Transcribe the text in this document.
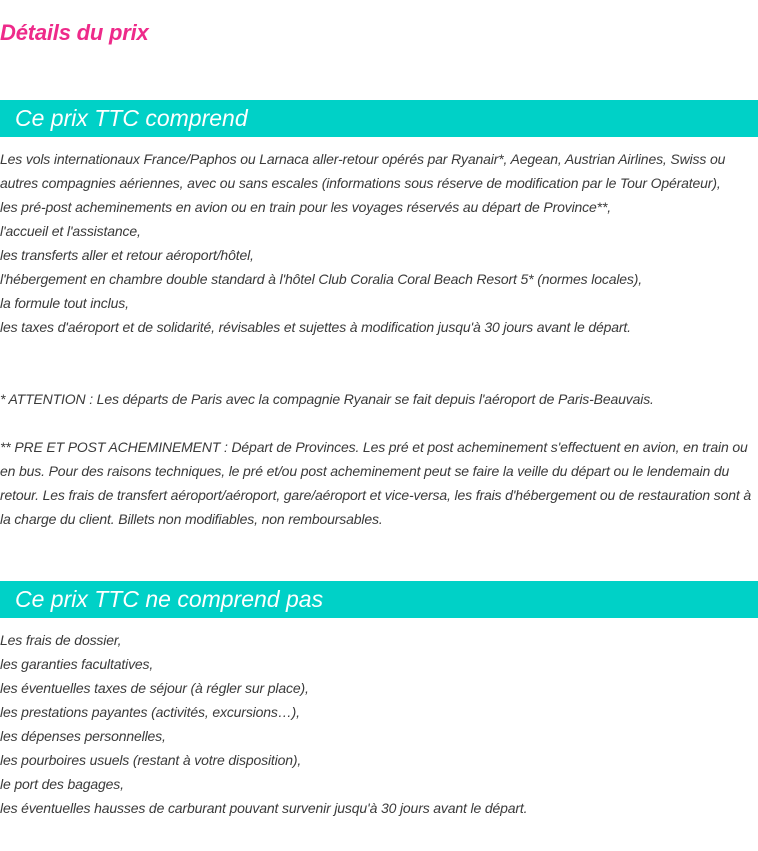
Détails du prix
Ce prix TTC comprend

Les vols internationaux France/Paphos ou Larnaca aller-retour opérés par Ryanair*, Aegean, Austrian Airlines, Swiss ou autres compagnies aériennes, avec ou sans escales (informations sous réserve de modification par le Tour Opérateur),

les pré-post acheminements en avion ou en train pour les voyages réservés au départ de Province**,

l'accueil et l'assistance,

les transferts aller et retour aéroport/hôtel,

l'hébergement en chambre double standard à l'hôtel Club Coralia Coral Beach Resort 5* (normes locales),

la formule tout inclus,

les taxes d'aéroport et de solidarité, révisables et sujettes à modification jusqu'à 30 jours avant le départ.

* ATTENTION : Les départs de Paris avec la compagnie Ryanair se fait depuis l'aéroport de Paris-Beauvais.

** PRE ET POST ACHEMINEMENT : Départ de Provinces. Les pré et post acheminement s'effectuent en avion, en train ou en bus. Pour des raisons techniques, le pré et/ou post acheminement peut se faire la veille du départ ou le lendemain du retour. Les frais de transfert aéroport/aéroport, gare/aéroport et vice-versa, les frais d'hébergement ou de restauration sont à la charge du client. Billets non modifiables, non remboursables.

Ce prix TTC ne comprend pas

Les frais de dossier,

les garanties facultatives,

les éventuelles taxes de séjour (à régler sur place),

les prestations payantes (activités, excursions…),

les dépenses personnelles,

les pourboires usuels (restant à votre disposition),

le port des bagages,

les éventuelles hausses de carburant pouvant survenir jusqu'à 30 jours avant le départ.
